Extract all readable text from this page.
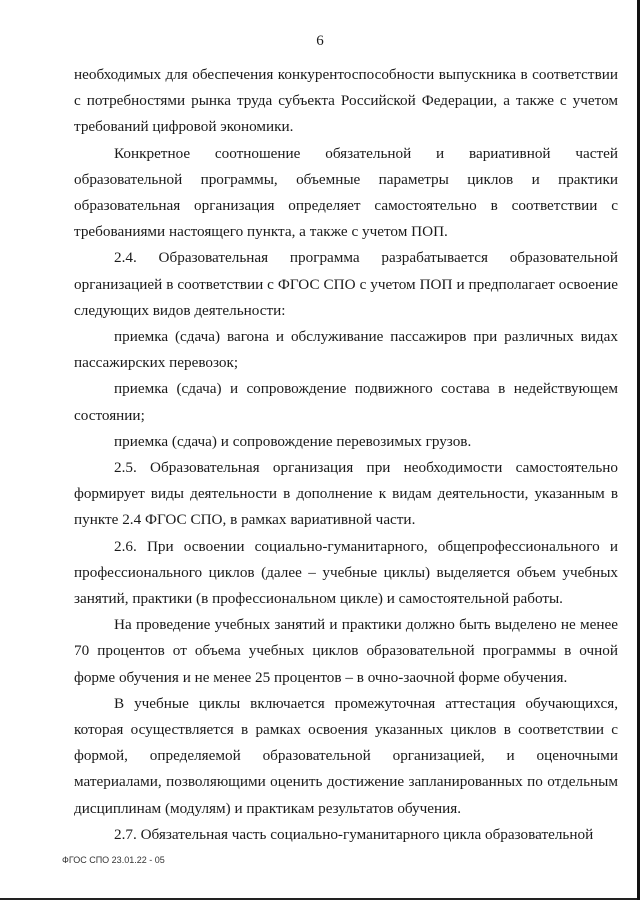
6

необходимых для обеспечения конкурентоспособности выпускника в соответствии с потребностями рынка труда субъекта Российской Федерации, а также с учетом требований цифровой экономики.

Конкретное соотношение обязательной и вариативной частей образовательной программы, объемные параметры циклов и практики образовательная организация определяет самостоятельно в соответствии с требованиями настоящего пункта, а также с учетом ПОП.

2.4. Образовательная программа разрабатывается образовательной организацией в соответствии с ФГОС СПО с учетом ПОП и предполагает освоение следующих видов деятельности:

приемка (сдача) вагона и обслуживание пассажиров при различных видах пассажирских перевозок;

приемка (сдача) и сопровождение подвижного состава в недействующем состоянии;

приемка (сдача) и сопровождение перевозимых грузов.

2.5. Образовательная организация при необходимости самостоятельно формирует виды деятельности в дополнение к видам деятельности, указанным в пункте 2.4 ФГОС СПО, в рамках вариативной части.

2.6. При освоении социально-гуманитарного, общепрофессионального и профессионального циклов (далее – учебные циклы) выделяется объем учебных занятий, практики (в профессиональном цикле) и самостоятельной работы.

На проведение учебных занятий и практики должно быть выделено не менее 70 процентов от объема учебных циклов образовательной программы в очной форме обучения и не менее 25 процентов – в очно-заочной форме обучения.

В учебные циклы включается промежуточная аттестация обучающихся, которая осуществляется в рамках освоения указанных циклов в соответствии с формой, определяемой образовательной организацией, и оценочными материалами, позволяющими оценить достижение запланированных по отдельным дисциплинам (модулям) и практикам результатов обучения.

2.7. Обязательная часть социально-гуманитарного цикла образовательной

ФГОС СПО 23.01.22 - 05
